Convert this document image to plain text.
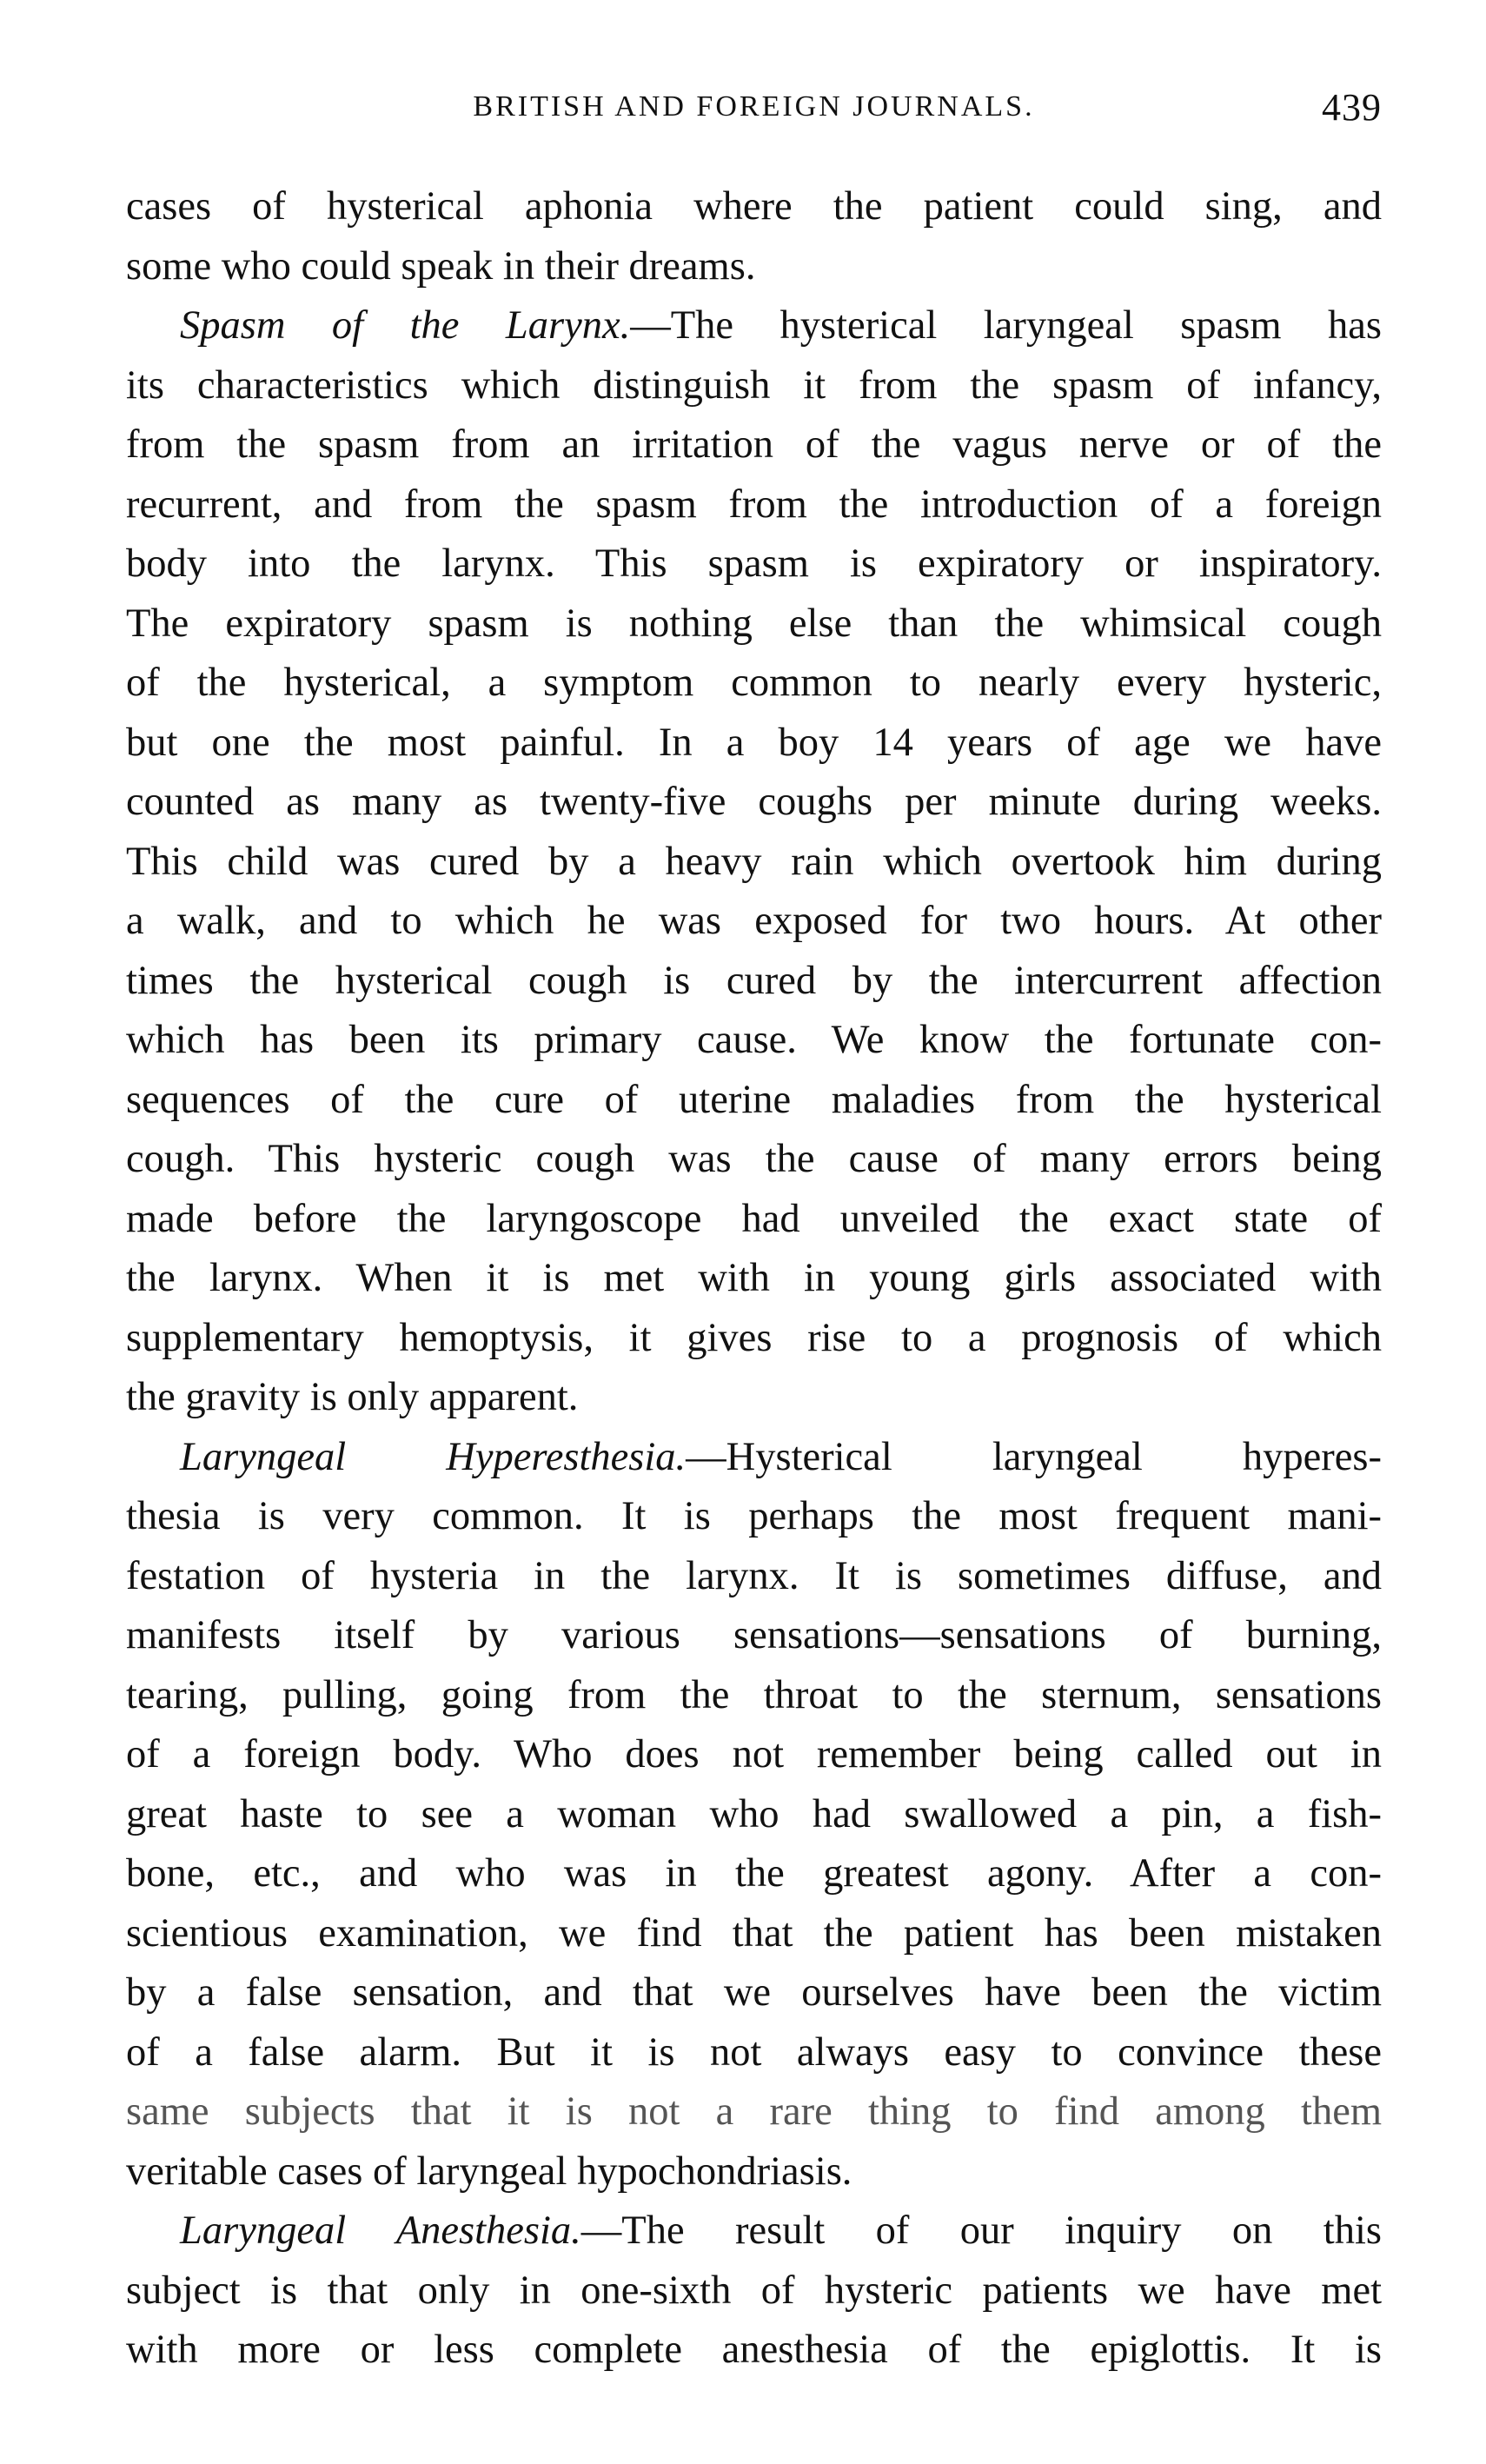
BRITISH AND FOREIGN JOURNALS.	439
cases of hysterical aphonia where the patient could sing, and
some who could speak in their dreams.
Spasm of the Larynx.—The hysterical laryngeal spasm has
its characteristics which distinguish it from the spasm of infancy,
from the spasm from an irritation of the vagus nerve or of the
recurrent, and from the spasm from the introduction of a foreign
body into the larynx. This spasm is expiratory or inspiratory.
The expiratory spasm is nothing else than the whimsical cough
of the hysterical, a symptom common to nearly every hysteric,
but one the most painful. In a boy 14 years of age we have
counted as many as twenty-five coughs per minute during weeks.
This child was cured by a heavy rain which overtook him during
a walk, and to which he was exposed for two hours. At other
times the hysterical cough is cured by the intercurrent affection
which has been its primary cause. We know the fortunate con-
sequences of the cure of uterine maladies from the hysterical
cough. This hysteric cough was the cause of many errors being
made before the laryngoscope had unveiled the exact state of
the larynx. When it is met with in young girls associated with
supplementary hemoptysis, it gives rise to a prognosis of which
the gravity is only apparent.
Laryngeal Hyperesthesia.—Hysterical laryngeal hyperes-
thesia is very common. It is perhaps the most frequent mani-
festation of hysteria in the larynx. It is sometimes diffuse, and
manifests itself by various sensations—sensations of burning,
tearing, pulling, going from the throat to the sternum, sensations
of a foreign body. Who does not remember being called out in
great haste to see a woman who had swallowed a pin, a fish-
bone, etc., and who was in the greatest agony. After a con-
scientious examination, we find that the patient has been mistaken
by a false sensation, and that we ourselves have been the victim
of a false alarm. But it is not always easy to convince these
same subjects that it is not a rare thing to find among them
veritable cases of laryngeal hypochondriasis.
Laryngeal Anesthesia.—The result of our inquiry on this
subject is that only in one-sixth of hysteric patients we have met
with more or less complete anesthesia of the epiglottis. It is
